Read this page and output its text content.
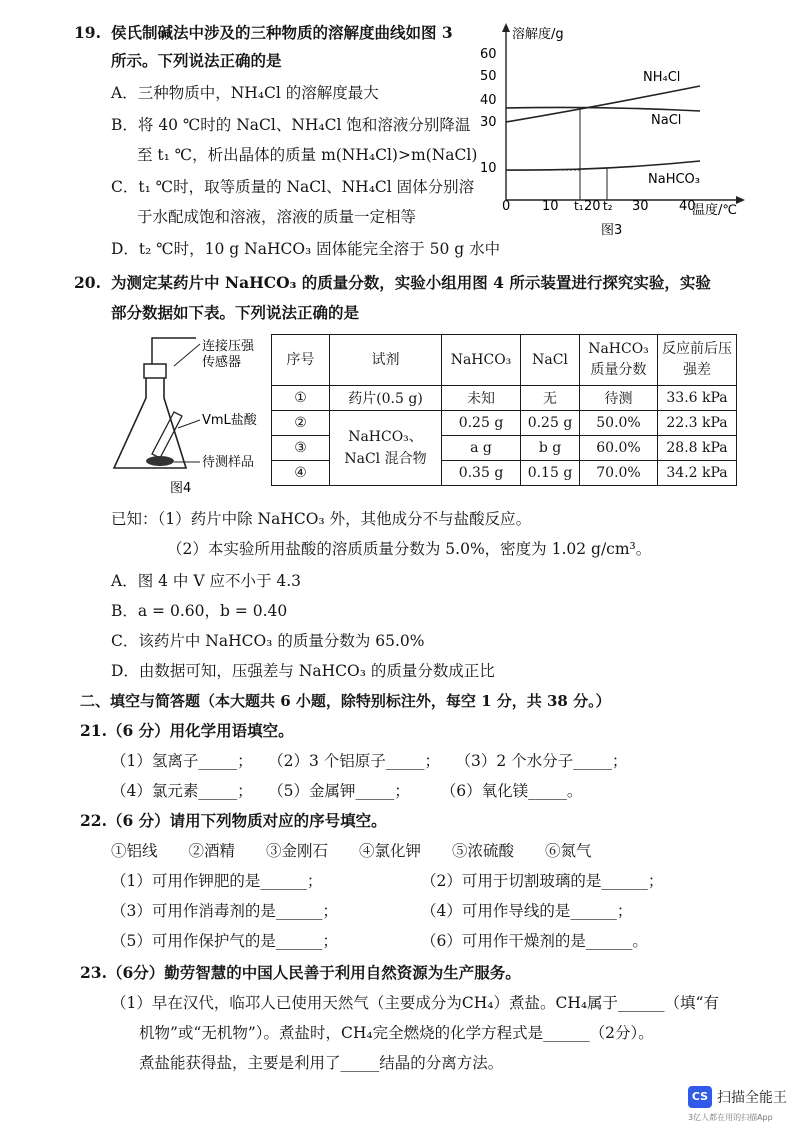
19. 侯氏制碱法中涉及的三种物质的溶解度曲线如图 3
所示。下列说法正确的是
A．三种物质中，NH₄Cl 的溶解度最大
B．将 40 ℃时的 NaCl、NH₄Cl 饱和溶液分别降温
至 t₁ ℃，析出晶体的质量 m(NH₄Cl)>m(NaCl)
C．t₁ ℃时，取等质量的 NaCl、NH₄Cl 固体分别溶
于水配成饱和溶液，溶液的质量一定相等
D．t₂ ℃时，10 g NaHCO₃ 固体能完全溶于 50 g 水中
溶解度/g
温度/℃
60
50
40
30
10
0 10 t₁ 20 t₂ 30 40
NH₄Cl
NaCl
NaHCO₃
图3
20. 为测定某药片中 NaHCO₃ 的质量分数，实验小组用图 4 所示装置进行探究实验，实验
部分数据如下表。下列说法正确的是
连接压强
传感器
VmL盐酸
待测样品
图4
序号	试剂	NaHCO₃	NaCl	NaHCO₃质量分数	反应前后压强差
①	药片(0.5 g)	未知	无	待测	33.6 kPa
②	NaHCO₃、NaCl 混合物	0.25 g	0.25 g	50.0%	22.3 kPa
③		a g	b g	60.0%	28.8 kPa
④		0.35 g	0.15 g	70.0%	34.2 kPa
已知：（1）药片中除 NaHCO₃ 外，其他成分不与盐酸反应。
（2）本实验所用盐酸的溶质质量分数为 5.0%，密度为 1.02 g/cm³。
A．图 4 中 V 应不小于 4.3
B．a = 0.60，b = 0.40
C．该药片中 NaHCO₃ 的质量分数为 65.0%
D．由数据可知，压强差与 NaHCO₃ 的质量分数成正比
二、填空与简答题（本大题共 6 小题，除特别标注外，每空 1 分，共 38 分。）
21.（6 分）用化学用语填空。
（1）氢离子_____；　　（2）3 个铝原子_____；　　（3）2 个水分子_____；
（4）氯元素_____；　　（5）金属钾_____；　　　（6）氧化镁_____。
22.（6 分）请用下列物质对应的序号填空。
①铝线　　②酒精　　③金刚石　　④氯化钾　　⑤浓硫酸　　⑥氮气
（1）可用作钾肥的是______；	（2）可用于切割玻璃的是______；
（3）可用作消毒剂的是______；	（4）可用作导线的是______；
（5）可用作保护气的是______；	（6）可用作干燥剂的是______。
23.（6分）勤劳智慧的中国人民善于利用自然资源为生产服务。
（1）早在汉代，临邛人已使用天然气（主要成分为CH₄）煮盐。CH₄属于______（填“有
机物”或“无机物”）。煮盐时，CH₄完全燃烧的化学方程式是______（2分）。
煮盐能获得盐，主要是利用了_____结晶的分离方法。
CS 扫描全能王
3亿人都在用的扫描App
